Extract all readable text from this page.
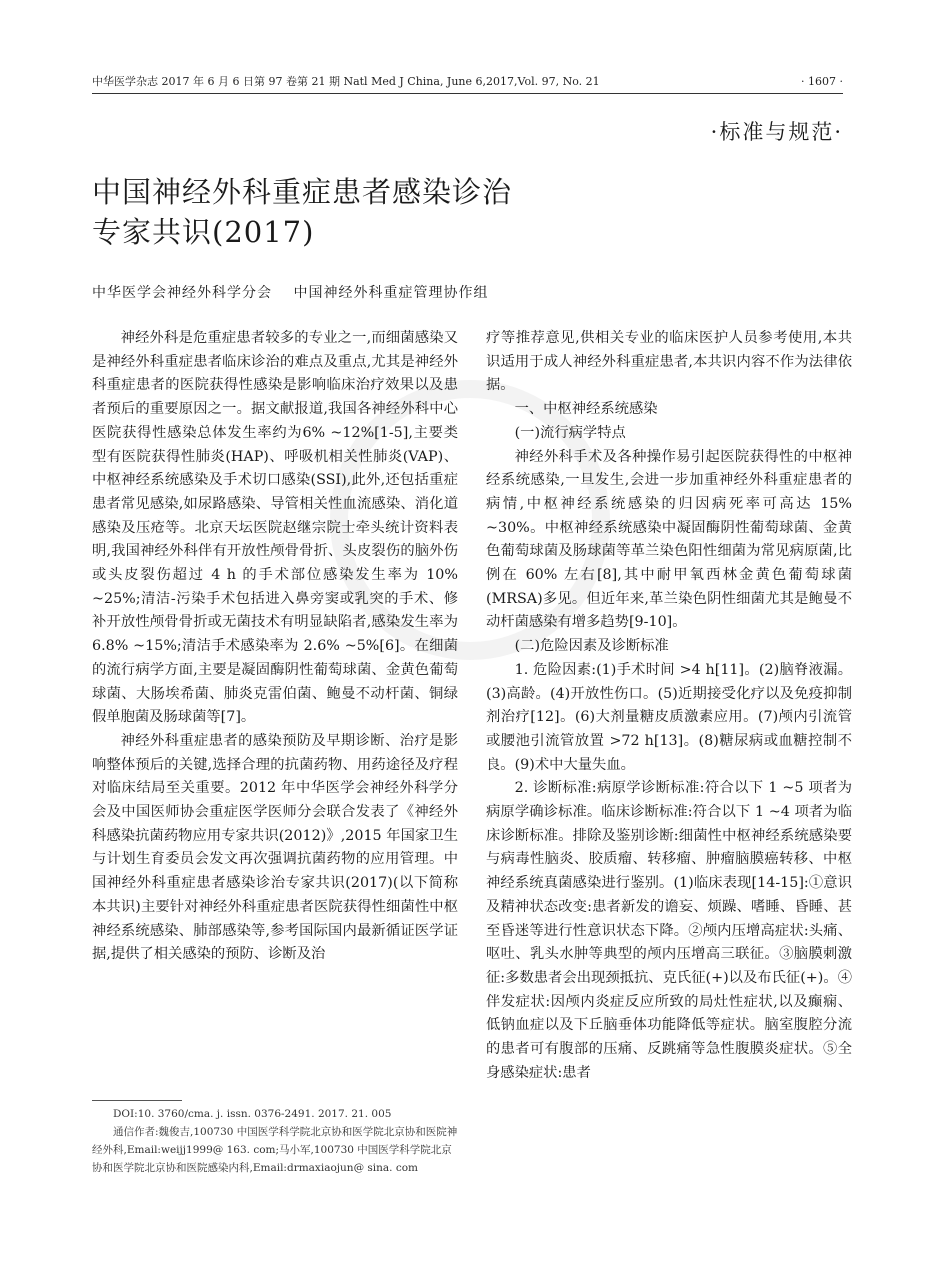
中华医学杂志 2017 年 6 月 6 日第 97 卷第 21 期 Natl Med J China, June 6,2017,Vol. 97, No. 21	· 1607 ·
·标准与规范·
中国神经外科重症患者感染诊治
专家共识(2017)
中华医学会神经外科学分会 中国神经外科重症管理协作组

神经外科是危重症患者较多的专业之一,而细菌感染又是神经外科重症患者临床诊治的难点及重点,尤其是神经外科重症患者的医院获得性感染是影响临床治疗效果以及患者预后的重要原因之一。据文献报道,我国各神经外科中心医院获得性感染总体发生率约为6% ~12%[1-5],主要类型有医院获得性肺炎(HAP)、呼吸机相关性肺炎(VAP)、中枢神经系统感染及手术切口感染(SSI),此外,还包括重症患者常见感染,如尿路感染、导管相关性血流感染、消化道感染及压疮等。北京天坛医院赵继宗院士牵头统计资料表明,我国神经外科伴有开放性颅骨骨折、头皮裂伤的脑外伤或头皮裂伤超过 4 h 的手术部位感染发生率为 10% ~25%;清洁-污染手术包括进入鼻旁窦或乳突的手术、修补开放性颅骨骨折或无菌技术有明显缺陷者,感染发生率为6.8% ~15%;清洁手术感染率为 2.6% ~5%[6]。在细菌的流行病学方面,主要是凝固酶阴性葡萄球菌、金黄色葡萄球菌、大肠埃希菌、肺炎克雷伯菌、鲍曼不动杆菌、铜绿假单胞菌及肠球菌等[7]。

神经外科重症患者的感染预防及早期诊断、治疗是影响整体预后的关键,选择合理的抗菌药物、用药途径及疗程对临床结局至关重要。2012 年中华医学会神经外科学分会及中国医师协会重症医学医师分会联合发表了《神经外科感染抗菌药物应用专家共识(2012)》,2015 年国家卫生与计划生育委员会发文再次强调抗菌药物的应用管理。中国神经外科重症患者感染诊治专家共识(2017)(以下简称本共识)主要针对神经外科重症患者医院获得性细菌性中枢神经系统感染、肺部感染等,参考国际国内最新循证医学证据,提供了相关感染的预防、诊断及治

疗等推荐意见,供相关专业的临床医护人员参考使用,本共识适用于成人神经外科重症患者,本共识内容不作为法律依据。

一、中枢神经系统感染

(一)流行病学特点

神经外科手术及各种操作易引起医院获得性的中枢神经系统感染,一旦发生,会进一步加重神经外科重症患者的病情,中枢神经系统感染的归因病死率可高达 15% ~30%。中枢神经系统感染中凝固酶阴性葡萄球菌、金黄色葡萄球菌及肠球菌等革兰染色阳性细菌为常见病原菌,比例在 60% 左右[8],其中耐甲氧西林金黄色葡萄球菌(MRSA)多见。但近年来,革兰染色阴性细菌尤其是鲍曼不动杆菌感染有增多趋势[9-10]。

(二)危险因素及诊断标准

1. 危险因素:(1)手术时间 >4 h[11]。(2)脑脊液漏。(3)高龄。(4)开放性伤口。(5)近期接受化疗以及免疫抑制剂治疗[12]。(6)大剂量糖皮质激素应用。(7)颅内引流管或腰池引流管放置 >72 h[13]。(8)糖尿病或血糖控制不良。(9)术中大量失血。

2. 诊断标准:病原学诊断标准:符合以下 1 ~5 项者为病原学确诊标准。临床诊断标准:符合以下 1 ~4 项者为临床诊断标准。排除及鉴别诊断:细菌性中枢神经系统感染要与病毒性脑炎、胶质瘤、转移瘤、肿瘤脑膜癌转移、中枢神经系统真菌感染进行鉴别。(1)临床表现[14-15]:①意识及精神状态改变:患者新发的谵妄、烦躁、嗜睡、昏睡、甚至昏迷等进行性意识状态下降。②颅内压增高症状:头痛、呕吐、乳头水肿等典型的颅内压增高三联征。③脑膜刺激征:多数患者会出现颈抵抗、克氏征(+)以及布氏征(+)。④伴发症状:因颅内炎症反应所致的局灶性症状,以及癫痫、低钠血症以及下丘脑垂体功能降低等症状。脑室腹腔分流的患者可有腹部的压痛、反跳痛等急性腹膜炎症状。⑤全身感染症状:患者

DOI:10. 3760/cma. j. issn. 0376-2491. 2017. 21. 005

通信作者:魏俊吉,100730 中国医学科学院北京协和医学院北京协和医院神经外科,Email:weijj1999@ 163. com;马小军,100730 中国医学科学院北京协和医学院北京协和医院感染内科,Email:drmaxiaojun@ sina. com
